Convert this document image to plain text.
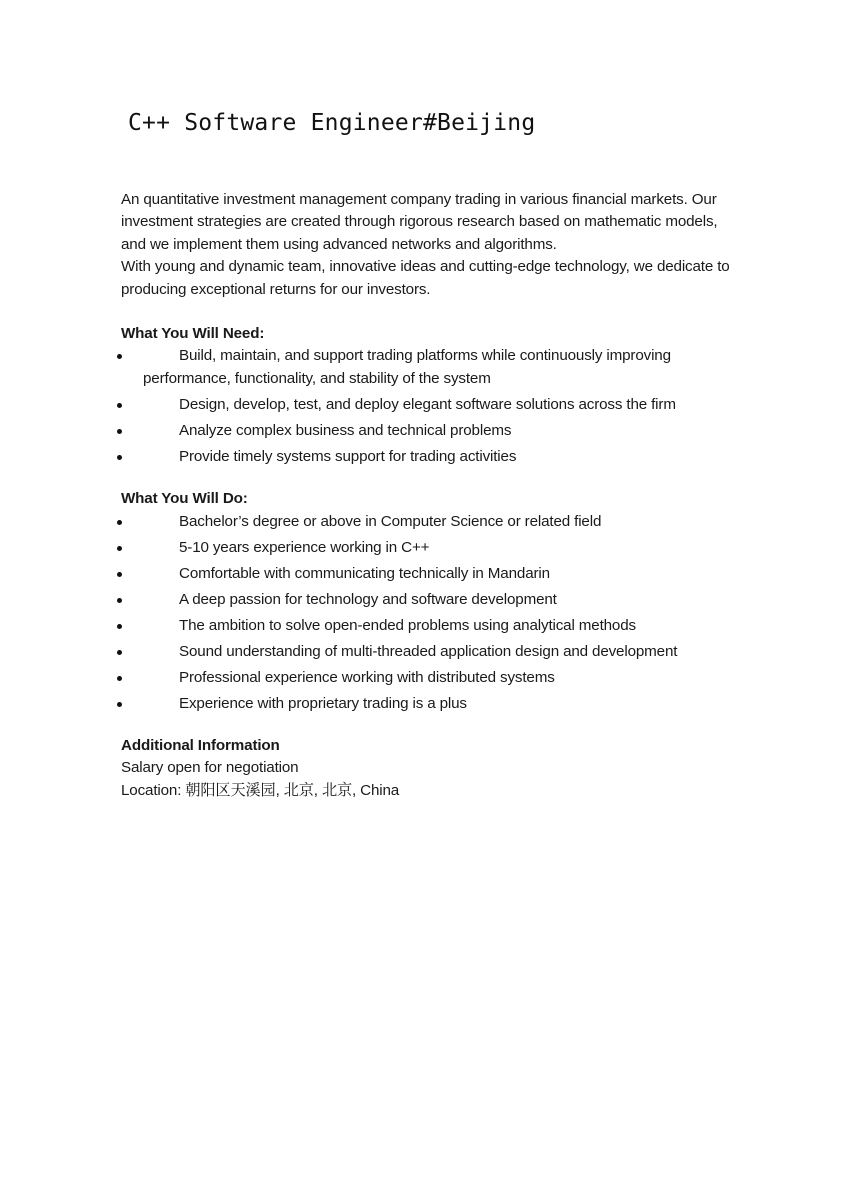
C++ Software Engineer#Beijing

An quantitative investment management company trading in various financial markets. Our investment strategies are created through rigorous research based on mathematic models, and we implement them using advanced networks and algorithms.

With young and dynamic team, innovative ideas and cutting-edge technology, we dedicate to producing exceptional returns for our investors.

What You Will Need:

Build, maintain, and support trading platforms while continuously improving performance, functionality, and stability of the system
Design, develop, test, and deploy elegant software solutions across the firm
Analyze complex business and technical problems
Provide timely systems support for trading activities

What You Will Do:

Bachelor’s degree or above in Computer Science or related field
5-10 years experience working in C++
Comfortable with communicating technically in Mandarin
A deep passion for technology and software development
The ambition to solve open-ended problems using analytical methods
Sound understanding of multi-threaded application design and development
Professional experience working with distributed systems
Experience with proprietary trading is a plus

Additional Information

Salary open for negotiation

Location: 朝阳区天溪园, 北京, 北京, China
